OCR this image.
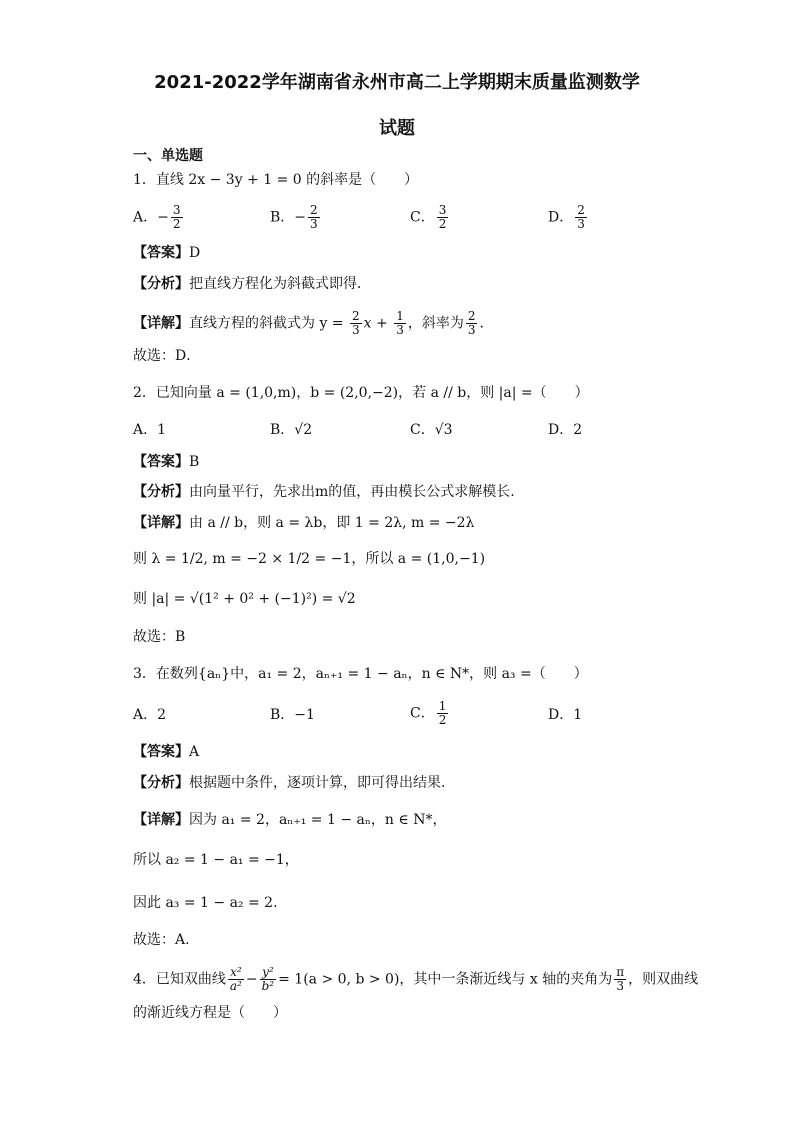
2021-2022学年湖南省永州市高二上学期期末质量监测数学
试题
一、单选题
1．直线 2x − 3y + 1 = 0 的斜率是（　　）
A．− $\frac{3}{2}$	B．− $\frac{2}{3}$	C． $\frac{3}{2}$	D． $\frac{2}{3}$
【答案】D
【分析】把直线方程化为斜截式即得．
【详解】直线方程的斜截式为 $y = \frac{2}{3}$ $x + \frac{1}{3}$ ，斜率为 $\frac{2}{3}$ ．
故选：D．
2．已知向量 a = (1,0,m)，b = (2,0,−2)，若 a // b，则 |a| =（　　）
A．1	B．√2	C．√3	D．2
【答案】B
【分析】由向量平行，先求出m的值，再由模长公式求解模长.
【详解】由 a // b，则 a = λb，即 1 = 2λ, m = −2λ
则 λ = 1/2, m = −2 × 1/2 = −1，所以 a = (1,0,−1)
则 |a| = √(1² + 0² + (−1)²) = √2
故选：B
3．在数列{aₙ}中，a₁ = 2，aₙ₊₁ = 1 − aₙ，n ∈ N*，则 a₃ =（　　）
A．2	B．−1	C． $\frac{1}{2}$	D．1
【答案】A
【分析】根据题中条件，逐项计算，即可得出结果.
【详解】因为 a₁ = 2，aₙ₊₁ = 1 − aₙ，n ∈ N*，
所以 a₂ = 1 − a₁ = −1，
因此 a₃ = 1 − a₂ = 2.
故选：A.
4．已知双曲线 $\frac{\text{x²}}{\text{a²}} - \frac{\text{y²}}{\text{b²}} = 1(a > 0$, b > 0)，其中一条渐近线与 x 轴的夹角为 $\frac{\pi}{3}$ ，则双曲线
的渐近线方程是（　　）
